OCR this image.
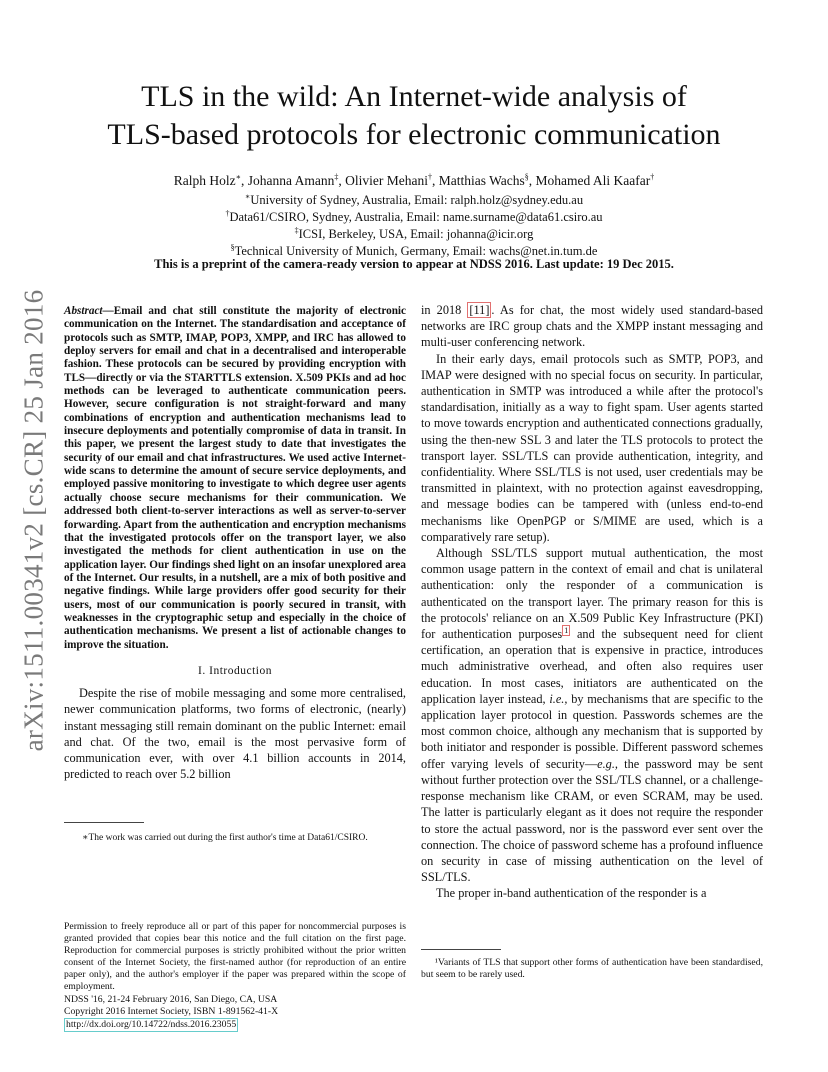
arXiv:1511.00341v2 [cs.CR] 25 Jan 2016
TLS in the wild: An Internet-wide analysis of
TLS-based protocols for electronic communication
Ralph Holz∗, Johanna Amann‡, Olivier Mehani†, Matthias Wachs§, Mohamed Ali Kaafar†
∗University of Sydney, Australia, Email: ralph.holz@sydney.edu.au
†Data61/CSIRO, Sydney, Australia, Email: name.surname@data61.csiro.au
‡ICSI, Berkeley, USA, Email: johanna@icir.org
§Technical University of Munich, Germany, Email: wachs@net.in.tum.de
This is a preprint of the camera-ready version to appear at NDSS 2016. Last update: 19 Dec 2015.

Abstract—Email and chat still constitute the majority of electronic communication on the Internet. The standardisation and acceptance of protocols such as SMTP, IMAP, POP3, XMPP, and IRC has allowed to deploy servers for email and chat in a decentralised and interoperable fashion. These protocols can be secured by providing encryption with TLS—directly or via the STARTTLS extension. X.509 PKIs and ad hoc methods can be leveraged to authenticate communication peers. However, secure configuration is not straight-forward and many combinations of encryption and authentication mechanisms lead to insecure deployments and potentially compromise of data in transit. In this paper, we present the largest study to date that investigates the security of our email and chat infrastructures. We used active Internet-wide scans to determine the amount of secure service deployments, and employed passive monitoring to investigate to which degree user agents actually choose secure mechanisms for their communication. We addressed both client-to-server interactions as well as server-to-server forwarding. Apart from the authentication and encryption mechanisms that the investigated protocols offer on the transport layer, we also investigated the methods for client authentication in use on the application layer. Our findings shed light on an insofar unexplored area of the Internet. Our results, in a nutshell, are a mix of both positive and negative findings. While large providers offer good security for their users, most of our communication is poorly secured in transit, with weaknesses in the cryptographic setup and especially in the choice of authentication mechanisms. We present a list of actionable changes to improve the situation.

I. Introduction

Despite the rise of mobile messaging and some more centralised, newer communication platforms, two forms of electronic, (nearly) instant messaging still remain dominant on the public Internet: email and chat. Of the two, email is the most pervasive form of communication ever, with over 4.1 billion accounts in 2014, predicted to reach over 5.2 billion

∗The work was carried out during the first author's time at Data61/CSIRO.
Permission to freely reproduce all or part of this paper for noncommercial purposes is granted provided that copies bear this notice and the full citation on the first page. Reproduction for commercial purposes is strictly prohibited without the prior written consent of the Internet Society, the first-named author (for reproduction of an entire paper only), and the author's employer if the paper was prepared within the scope of employment.
NDSS '16, 21-24 February 2016, San Diego, CA, USA
Copyright 2016 Internet Society, ISBN 1-891562-41-X
http://dx.doi.org/10.14722/ndss.2016.23055

in 2018 [11] . As for chat, the most widely used standard-based networks are IRC group chats and the XMPP instant messaging and multi-user conferencing network.

In their early days, email protocols such as SMTP, POP3, and IMAP were designed with no special focus on security. In particular, authentication in SMTP was introduced a while after the protocol's standardisation, initially as a way to fight spam. User agents started to move towards encryption and authenticated connections gradually, using the then-new SSL 3 and later the TLS protocols to protect the transport layer. SSL/TLS can provide authentication, integrity, and confidentiality. Where SSL/TLS is not used, user credentials may be transmitted in plaintext, with no protection against eavesdropping, and message bodies can be tampered with (unless end-to-end mechanisms like OpenPGP or S/MIME are used, which is a comparatively rare setup).

Although SSL/TLS support mutual authentication, the most common usage pattern in the context of email and chat is unilateral authentication: only the responder of a communication is authenticated on the transport layer. The primary reason for this is the protocols' reliance on an X.509 Public Key Infrastructure (PKI) for authentication purposes $^1$ and the subsequent need for client certification, an operation that is expensive in practice, introduces much administrative overhead, and often also requires user education. In most cases, initiators are authenticated on the application layer instead, i.e., by mechanisms that are specific to the application layer protocol in question. Passwords schemes are the most common choice, although any mechanism that is supported by both initiator and responder is possible. Different password schemes offer varying levels of security—e.g., the password may be sent without further protection over the SSL/TLS channel, or a challenge-response mechanism like CRAM, or even SCRAM, may be used. The latter is particularly elegant as it does not require the responder to store the actual password, nor is the password ever sent over the connection. The choice of password scheme has a profound influence on security in case of missing authentication on the level of SSL/TLS.

The proper in-band authentication of the responder is a

¹Variants of TLS that support other forms of authentication have been standardised, but seem to be rarely used.
